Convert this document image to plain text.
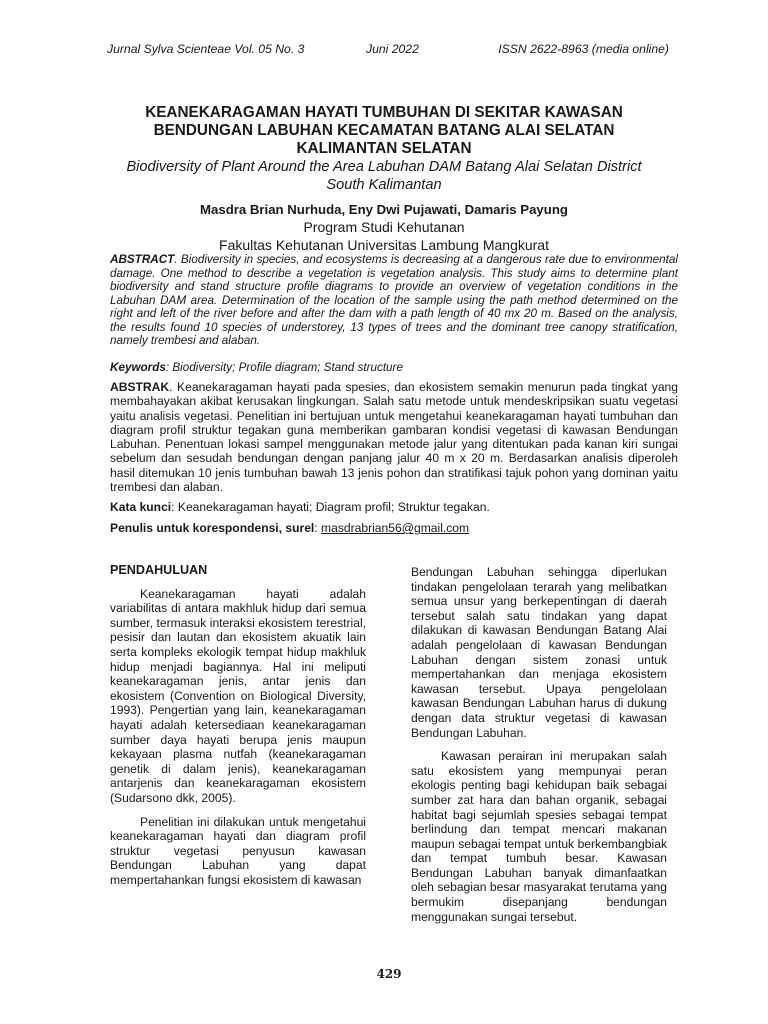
Jurnal Sylva Scienteae Vol. 05 No. 3	Juni 2022	ISSN 2622-8963 (media online)

KEANEKARAGAMAN HAYATI TUMBUHAN DI SEKITAR KAWASAN
BENDUNGAN LABUHAN KECAMATAN BATANG ALAI SELATAN
KALIMANTAN SELATAN

Biodiversity of Plant Around the Area Labuhan DAM Batang Alai Selatan District
South Kalimantan

Masdra Brian Nurhuda, Eny Dwi Pujawati, Damaris Payung

Program Studi Kehutanan

Fakultas Kehutanan Universitas Lambung Mangkurat

ABSTRACT. Biodiversity in species, and ecosystems is decreasing at a dangerous rate due to environmental damage. One method to describe a vegetation is vegetation analysis. This study aims to determine plant biodiversity and stand structure profile diagrams to provide an overview of vegetation conditions in the Labuhan DAM area. Determination of the location of the sample using the path method determined on the right and left of the river before and after the dam with a path length of 40 mx 20 m. Based on the analysis, the results found 10 species of understorey, 13 types of trees and the dominant tree canopy stratification, namely trembesi and alaban.

Keywords: Biodiversity; Profile diagram; Stand structure

ABSTRAK. Keanekaragaman hayati pada spesies, dan ekosistem semakin menurun pada tingkat yang membahayakan akibat kerusakan lingkungan. Salah satu metode untuk mendeskripsikan suatu vegetasi yaitu analisis vegetasi. Penelitian ini bertujuan untuk mengetahui keanekaragaman hayati tumbuhan dan diagram profil struktur tegakan guna memberikan gambaran kondisi vegetasi di kawasan Bendungan Labuhan. Penentuan lokasi sampel menggunakan metode jalur yang ditentukan pada kanan kiri sungai sebelum dan sesudah bendungan dengan panjang jalur 40 m x 20 m. Berdasarkan analisis diperoleh hasil ditemukan 10 jenis tumbuhan bawah 13 jenis pohon dan stratifikasi tajuk pohon yang dominan yaitu trembesi dan alaban.

Kata kunci: Keanekaragaman hayati; Diagram profil; Struktur tegakan.

Penulis untuk korespondensi, surel: masdrabrian56@gmail.com

PENDAHULUAN

Keanekaragaman hayati adalah variabilitas di antara makhluk hidup dari semua sumber, termasuk interaksi ekosistem terestrial, pesisir dan lautan dan ekosistem akuatik lain serta kompleks ekologik tempat hidup makhluk hidup menjadi bagiannya. Hal ini meliputi keanekaragaman jenis, antar jenis dan ekosistem (Convention on Biological Diversity, 1993). Pengertian yang lain, keanekaragaman hayati adalah ketersediaan keanekaragaman sumber daya hayati berupa jenis maupun kekayaan plasma nutfah (keanekaragaman genetik di dalam jenis), keanekaragaman antarjenis dan keanekaragaman ekosistem (Sudarsono dkk, 2005).

Penelitian ini dilakukan untuk mengetahui keanekaragaman hayati dan diagram profil struktur vegetasi penyusun kawasan Bendungan Labuhan yang dapat mempertahankan fungsi ekosistem di kawasan

Bendungan Labuhan sehingga diperlukan tindakan pengelolaan terarah yang melibatkan semua unsur yang berkepentingan di daerah tersebut salah satu tindakan yang dapat dilakukan di kawasan Bendungan Batang Alai adalah pengelolaan di kawasan Bendungan Labuhan dengan sistem zonasi untuk mempertahankan dan menjaga ekosistem kawasan tersebut. Upaya pengelolaan kawasan Bendungan Labuhan harus di dukung dengan data struktur vegetasi di kawasan Bendungan Labuhan.

Kawasan perairan ini merupakan salah satu ekosistem yang mempunyai peran ekologis penting bagi kehidupan baik sebagai sumber zat hara dan bahan organik, sebagai habitat bagi sejumlah spesies sebagai tempat berlindung dan tempat mencari makanan maupun sebagai tempat untuk berkembangbiak dan tempat tumbuh besar. Kawasan Bendungan Labuhan banyak dimanfaatkan oleh sebagian besar masyarakat terutama yang bermukim disepanjang bendungan menggunakan sungai tersebut.

429
